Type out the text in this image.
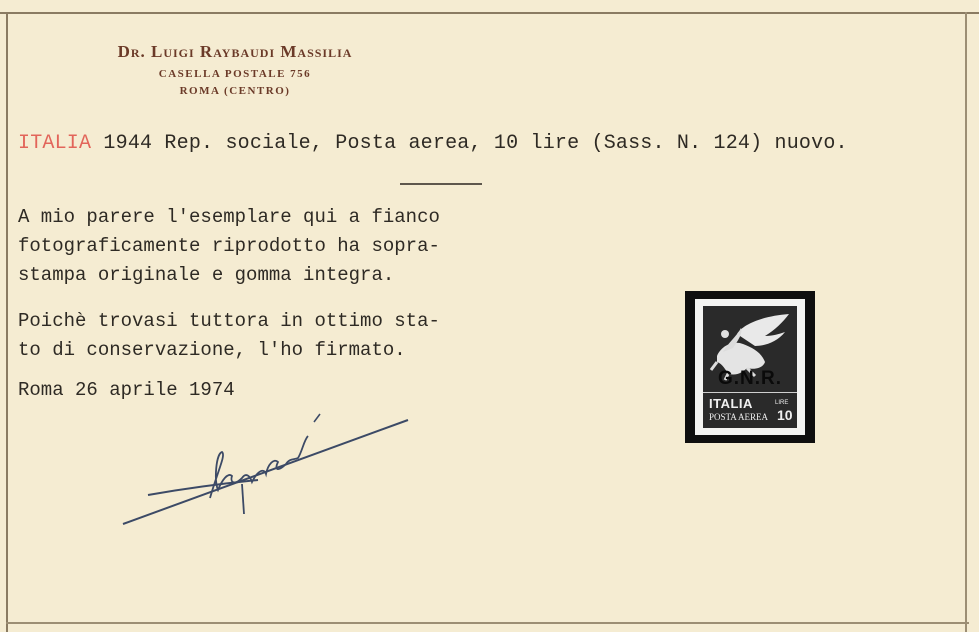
Dr. Luigi Raybaudi Massilia
CASELLA POSTALE 756
ROMA (CENTRO)
ITALIA 1944 Rep. sociale, Posta aerea, 10 lire (Sass. N. 124) nuovo.
A mio parere l'esemplare qui a fianco
fotograficamente riprodotto ha sopra-
stampa originale e gomma integra.
Poichè trovasi tuttora in ottimo sta-
to di conservazione, l'ho firmato.
Roma 26 aprile 1974
G.N.R.
ITALIA
POSTA AEREA
LIRE
10
